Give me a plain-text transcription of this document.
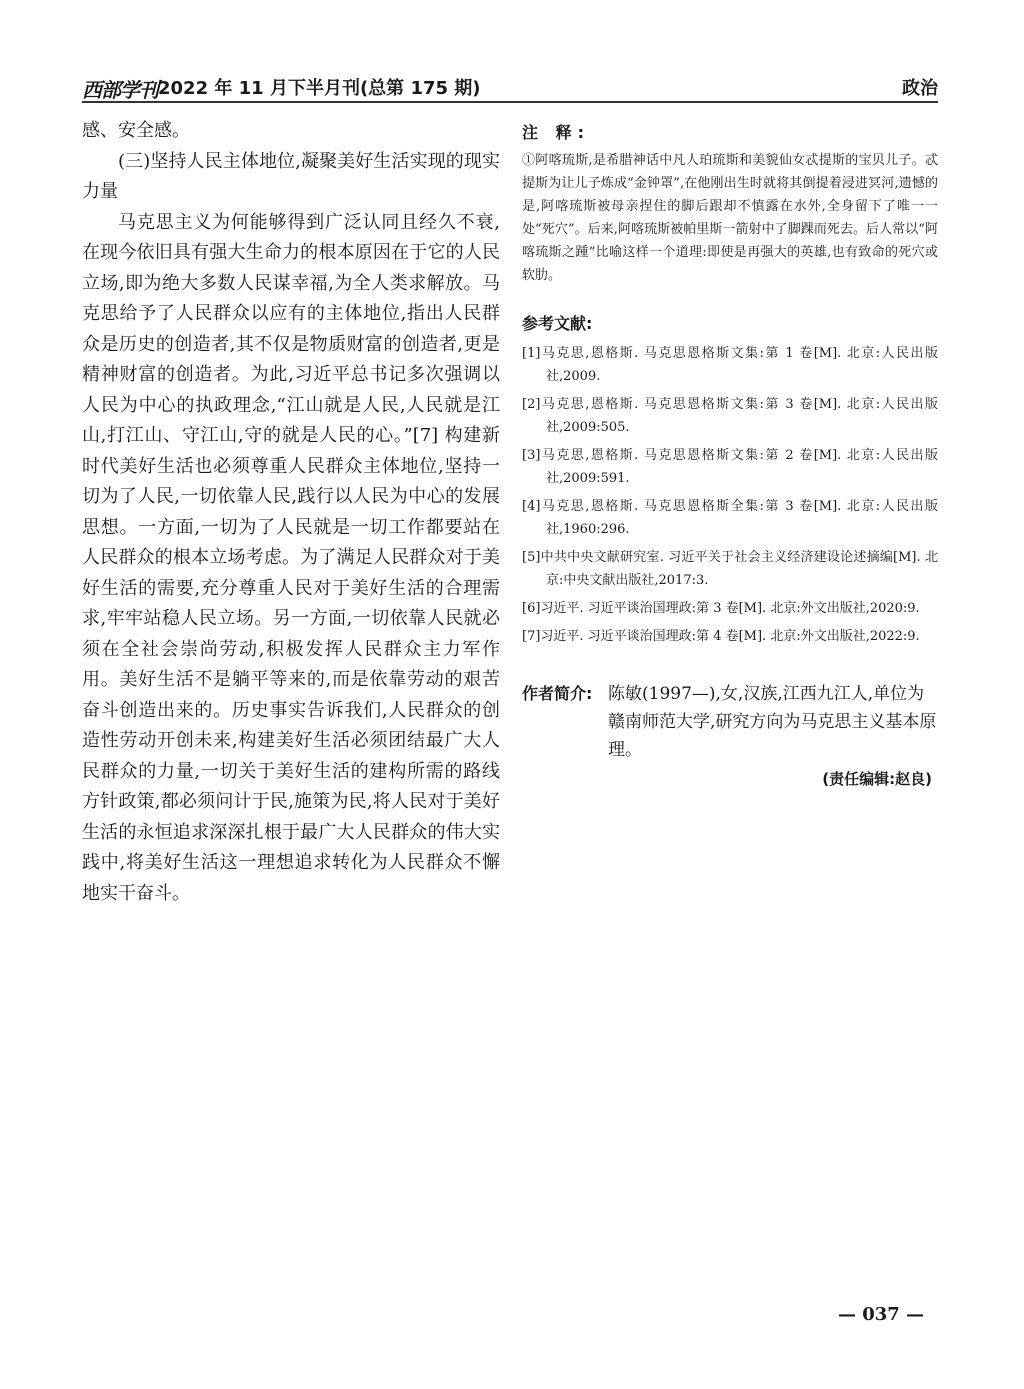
西部学刊 2022 年 11 月下半月刊(总第 175 期)	政治

感、安全感。

(三)坚持人民主体地位,凝聚美好生活实现的现实力量

马克思主义为何能够得到广泛认同且经久不衰,在现今依旧具有强大生命力的根本原因在于它的人民立场,即为绝大多数人民谋幸福,为全人类求解放。马克思给予了人民群众以应有的主体地位,指出人民群众是历史的创造者,其不仅是物质财富的创造者,更是精神财富的创造者。为此,习近平总书记多次强调以人民为中心的执政理念,“江山就是人民,人民就是江山,打江山、守江山,守的就是人民的心。”[7] 构建新时代美好生活也必须尊重人民群众主体地位,坚持一切为了人民,一切依靠人民,践行以人民为中心的发展思想。一方面,一切为了人民就是一切工作都要站在人民群众的根本立场考虑。为了满足人民群众对于美好生活的需要,充分尊重人民对于美好生活的合理需求,牢牢站稳人民立场。另一方面,一切依靠人民就必须在全社会崇尚劳动,积极发挥人民群众主力军作用。美好生活不是躺平等来的,而是依靠劳动的艰苦奋斗创造出来的。历史事实告诉我们,人民群众的创造性劳动开创未来,构建美好生活必须团结最广大人民群众的力量,一切关于美好生活的建构所需的路线方针政策,都必须问计于民,施策为民,将人民对于美好生活的永恒追求深深扎根于最广大人民群众的伟大实践中,将美好生活这一理想追求转化为人民群众不懈地实干奋斗。

注 释:

①阿喀琉斯,是希腊神话中凡人珀琉斯和美貌仙女忒提斯的宝贝儿子。忒提斯为让儿子炼成“金钟罩”,在他刚出生时就将其倒提着浸进冥河,遗憾的是,阿喀琉斯被母亲捏住的脚后跟却不慎露在水外,全身留下了唯一一处“死穴”。后来,阿喀琉斯被帕里斯一箭射中了脚踝而死去。后人常以“阿喀琉斯之踵”比喻这样一个道理:即使是再强大的英雄,也有致命的死穴或软肋。

参考文献:

[1]马克思,恩格斯. 马克思恩格斯文集:第 1 卷[M]. 北京:人民出版社,2009.
[2]马克思,恩格斯. 马克思恩格斯文集:第 3 卷[M]. 北京:人民出版社,2009:505.
[3]马克思,恩格斯. 马克思恩格斯文集:第 2 卷[M]. 北京:人民出版社,2009:591.
[4]马克思,恩格斯. 马克思恩格斯全集:第 3 卷[M]. 北京:人民出版社,1960:296.
[5]中共中央文献研究室. 习近平关于社会主义经济建设论述摘编[M]. 北京:中央文献出版社,2017:3.
[6]习近平. 习近平谈治国理政:第 3 卷[M]. 北京:外文出版社,2020:9.
[7]习近平. 习近平谈治国理政:第 4 卷[M]. 北京:外文出版社,2022:9.
作者简介: 陈敏(1997—),女,汉族,江西九江人,单位为赣南师范大学,研究方向为马克思主义基本原理。
(责任编辑:赵良)
— 037 —
